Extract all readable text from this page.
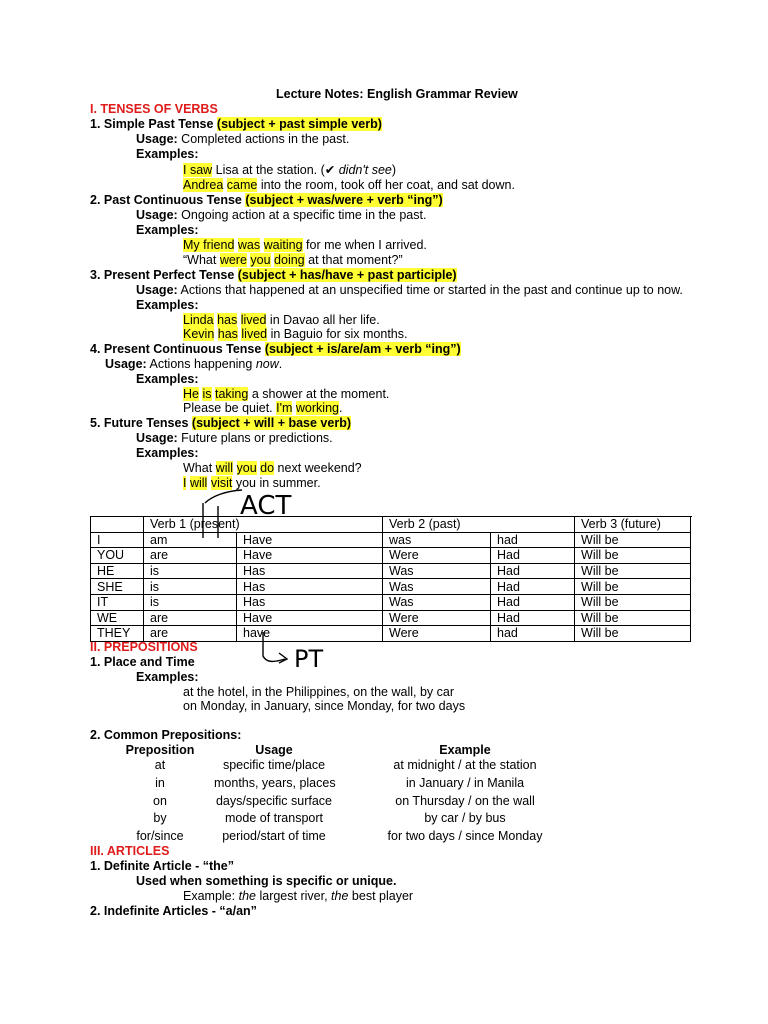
Lecture Notes: English Grammar Review
I. TENSES OF VERBS
1. Simple Past Tense (subject + past simple verb)
Usage: Completed actions in the past.
Examples:
I saw Lisa at the station. (✔ didn't see)
Andrea came into the room, took off her coat, and sat down.
2. Past Continuous Tense (subject + was/were + verb “ing”)
Usage: Ongoing action at a specific time in the past.
Examples:
My friend was waiting for me when I arrived.
“What were you doing at that moment?”
3. Present Perfect Tense (subject + has/have + past participle)
Usage: Actions that happened at an unspecified time or started in the past and continue up to now.
Examples:
Linda has lived in Davao all her life.
Kevin has lived in Baguio for six months.
4. Present Continuous Tense (subject + is/are/am + verb “ing”)
Usage: Actions happening now.
Examples:
He is taking a shower at the moment.
Please be quiet. I'm working.
5. Future Tenses (subject + will + base verb)
Usage: Future plans or predictions.
Examples:
What will you do next weekend?
I will visit you in summer.
	Verb 1 (present)		Verb 2 (past)		Verb 3 (future)	
I	am	Have	was	had	Will be	
YOU	are	Have	Were	Had	Will be	
HE	is	Has	Was	Had	Will be	
SHE	is	Has	Was	Had	Will be	
IT	is	Has	Was	Had	Will be	
WE	are	Have	Were	Had	Will be	
THEY	are	have	Were	had	Will be	
ACT
PT
II. PREPOSITIONS
1. Place and Time
Examples:
at the hotel, in the Philippines, on the wall, by car
on Monday, in January, since Monday, for two days
2. Common Prepositions:
Preposition	Usage	Example
at	specific time/place	at midnight / at the station
in	months, years, places	in January / in Manila
on	days/specific surface	on Thursday / on the wall
by	mode of transport	by car / by bus
for/since	period/start of time	for two days / since Monday
III. ARTICLES
1. Definite Article - “the”
Used when something is specific or unique.
Example: the largest river, the best player
2. Indefinite Articles - “a/an”
